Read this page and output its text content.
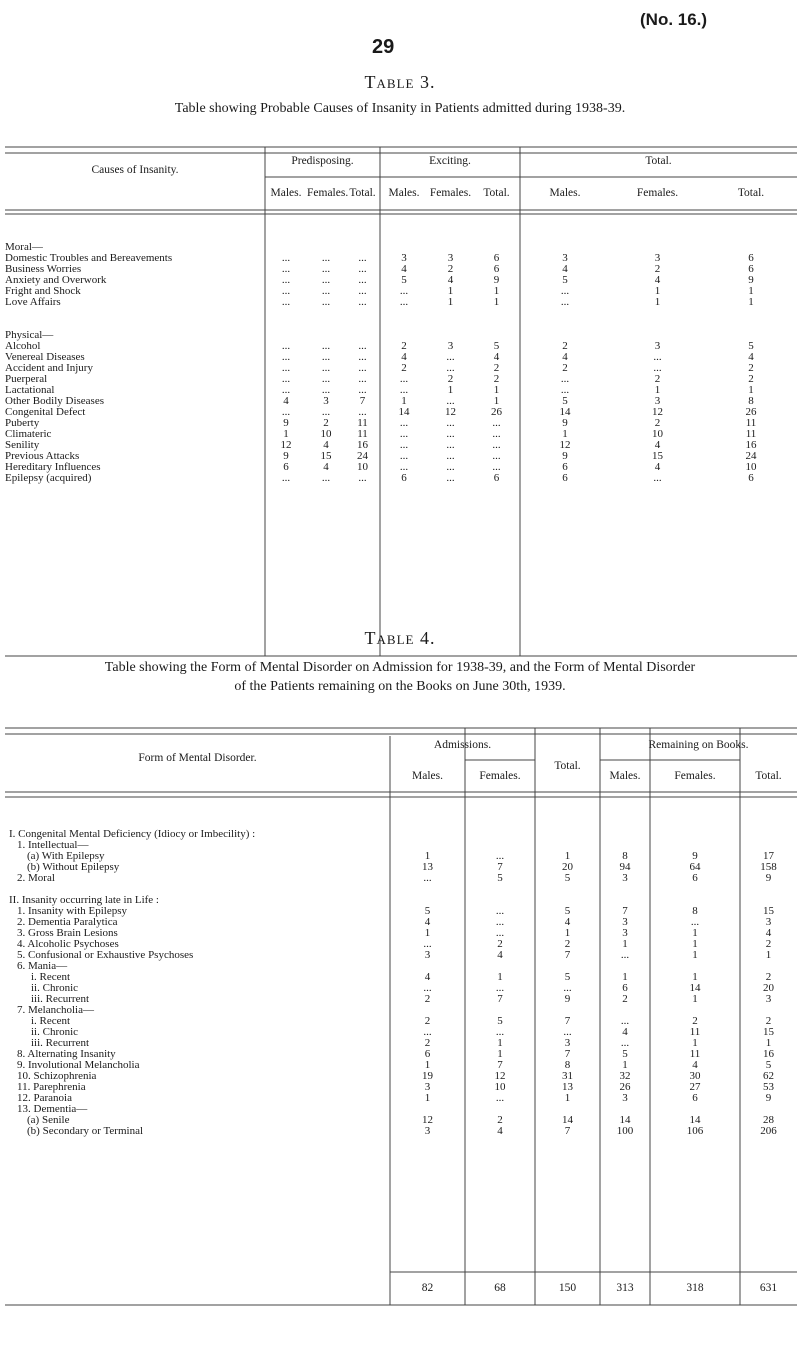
(No. 16.)
29
Table 3.
Table showing Probable Causes of Insanity in Patients admitted during 1938-39.
Causes of Insanity.
Predisposing.	Exciting.	Total.
Males. Females. Total.	Males. Females.	Total.	Males.	Females.	Total.
Moral—									
Domestic Troubles and Bereavements	...	...	...	3	3	6	3	3	6
Business Worries	...	...	...	4	2	6	4	2	6
Anxiety and Overwork	...	...	...	5	4	9	5	4	9
Fright and Shock	...	...	...	...	1	1	...	1	1
Love Affairs	...	...	...	...	1	1	...	1	1

Physical—									
Alcohol	...	...	...	2	3	5	2	3	5
Venereal Diseases	...	...	...	4	...	4	4	...	4
Accident and Injury	...	...	...	2	...	2	2	...	2
Puerperal	...	...	...	...	2	2	...	2	2
Lactational	...	...	...	...	1	1	...	1	1
Other Bodily Diseases	4	3	7	1	...	1	5	3	8
Congenital Defect	...	...	...	14	12	26	14	12	26
Puberty	9	2	11	...	...	...	9	2	11
Climateric	1	10	11	...	...	...	1	10	11
Senility	12	4	16	...	...	...	12	4	16
Previous Attacks	9	15	24	...	...	...	9	15	24
Hereditary Influences	6	4	10	...	...	...	6	4	10
Epilepsy (acquired)	...	...	...	6	...	6	6	...	6
Table 4.
Table showing the Form of Mental Disorder on Admission for 1938-39, and the Form of Mental Disorder
of the Patients remaining on the Books on June 30th, 1939.
Form of Mental Disorder.
Admissions.
Total.
Remaining on Books.
Males.	Females.	Males.	Females.	Total.
I. Congenital Mental Deficiency (Idiocy or Imbecility) :						
1. Intellectual—						
(a) With Epilepsy	1	...	1	8	9	17
(b) Without Epilepsy	13	7	20	94	64	158
2. Moral	...	5	5	3	6	9

II. Insanity occurring late in Life :						
1. Insanity with Epilepsy	5	...	5	7	8	15
2. Dementia Paralytica	4	...	4	3	...	3
3. Gross Brain Lesions	1	...	1	3	1	4
4. Alcoholic Psychoses	...	2	2	1	1	2
5. Confusional or Exhaustive Psychoses	3	4	7	...	1	1
6. Mania—						
i. Recent	4	1	5	1	1	2
ii. Chronic	...	...	...	6	14	20
iii. Recurrent	2	7	9	2	1	3
7. Melancholia—						
i. Recent	2	5	7	...	2	2
ii. Chronic	...	...	...	4	11	15
iii. Recurrent	2	1	3	...	1	1
8. Alternating Insanity	6	1	7	5	11	16
9. Involutional Melancholia	1	7	8	1	4	5
10. Schizophrenia	19	12	31	32	30	62
11. Parephrenia	3	10	13	26	27	53
12. Paranoia	1	...	1	3	6	9
13. Dementia—						
(a) Senile	12	2	14	14	14	28
(b) Secondary or Terminal	3	4	7	100	106	206
82	68	150	313	318	631
